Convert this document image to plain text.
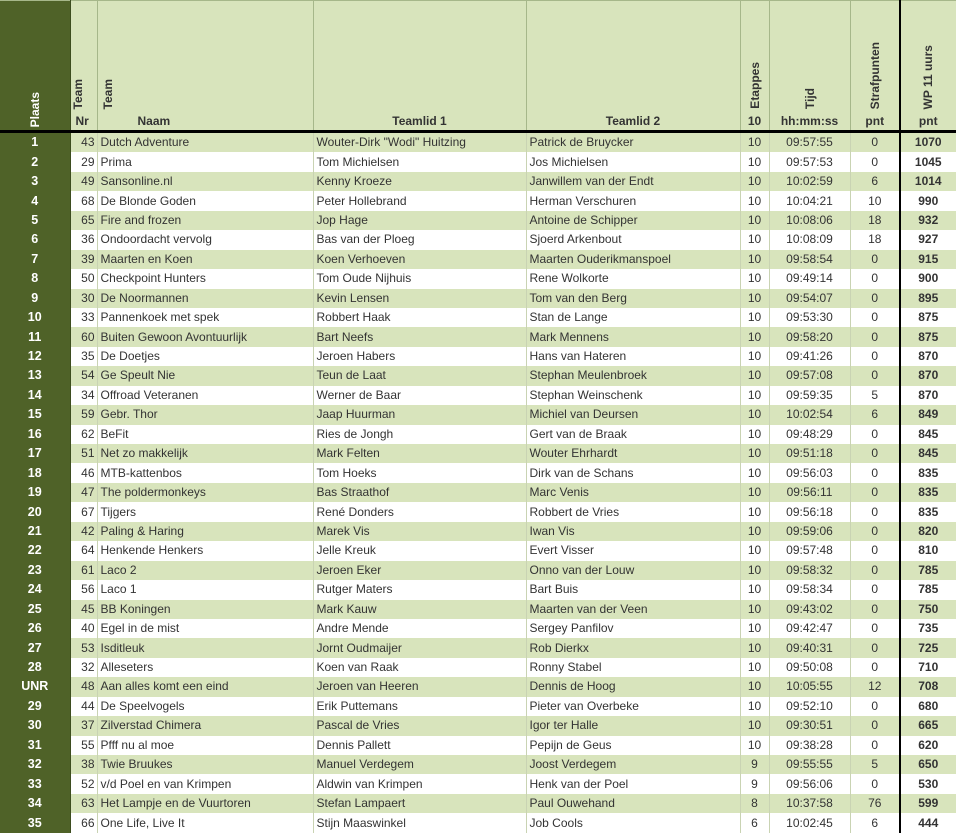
Plaats	Team	Team			Etappes	Tijd	Strafpunten	WP 11 uurs
	Nr	Naam	Teamlid 1	Teamlid 2	10	hh:mm:ss	pnt	pnt
1	43	Dutch Adventure	Wouter-Dirk "Wodi" Huitzing	Patrick de Bruycker	10	09:57:55	0	1070
2	29	Prima	Tom Michielsen	Jos Michielsen	10	09:57:53	0	1045
3	49	Sansonline.nl	Kenny Kroeze	Janwillem van der Endt	10	10:02:59	6	1014
4	68	De Blonde Goden	Peter Hollebrand	Herman Verschuren	10	10:04:21	10	990
5	65	Fire and frozen	Jop Hage	Antoine de Schipper	10	10:08:06	18	932
6	36	Ondoordacht vervolg	Bas van der Ploeg	Sjoerd Arkenbout	10	10:08:09	18	927
7	39	Maarten en Koen	Koen Verhoeven	Maarten Ouderikmanspoel	10	09:58:54	0	915
8	50	Checkpoint Hunters	Tom Oude Nijhuis	Rene Wolkorte	10	09:49:14	0	900
9	30	De Noormannen	Kevin Lensen	Tom van den Berg	10	09:54:07	0	895
10	33	Pannenkoek met spek	Robbert Haak	Stan de Lange	10	09:53:30	0	875
11	60	Buiten Gewoon Avontuurlijk	Bart Neefs	Mark Mennens	10	09:58:20	0	875
12	35	De Doetjes	Jeroen Habers	Hans van Hateren	10	09:41:26	0	870
13	54	Ge Speult Nie	Teun de Laat	Stephan Meulenbroek	10	09:57:08	0	870
14	34	Offroad Veteranen	Werner de Baar	Stephan Weinschenk	10	09:59:35	5	870
15	59	Gebr. Thor	Jaap Huurman	Michiel van Deursen	10	10:02:54	6	849
16	62	BeFit	Ries de Jongh	Gert van de Braak	10	09:48:29	0	845
17	51	Net zo makkelijk	Mark Felten	Wouter Ehrhardt	10	09:51:18	0	845
18	46	MTB-kattenbos	Tom Hoeks	Dirk van de Schans	10	09:56:03	0	835
19	47	The poldermonkeys	Bas Straathof	Marc Venis	10	09:56:11	0	835
20	67	Tijgers	René Donders	Robbert de Vries	10	09:56:18	0	835
21	42	Paling & Haring	Marek Vis	Iwan Vis	10	09:59:06	0	820
22	64	Henkende Henkers	Jelle Kreuk	Evert Visser	10	09:57:48	0	810
23	61	Laco 2	Jeroen Eker	Onno van der Louw	10	09:58:32	0	785
24	56	Laco 1	Rutger Maters	Bart Buis	10	09:58:34	0	785
25	45	BB Koningen	Mark Kauw	Maarten van der Veen	10	09:43:02	0	750
26	40	Egel in de mist	Andre Mende	Sergey Panfilov	10	09:42:47	0	735
27	53	Isditleuk	Jornt Oudmaijer	Rob Dierkx	10	09:40:31	0	725
28	32	Alleseters	Koen van Raak	Ronny Stabel	10	09:50:08	0	710
UNR	48	Aan alles komt een eind	Jeroen van Heeren	Dennis de Hoog	10	10:05:55	12	708
29	44	De Speelvogels	Erik Puttemans	Pieter van Overbeke	10	09:52:10	0	680
30	37	Zilverstad Chimera	Pascal de Vries	Igor ter Halle	10	09:30:51	0	665
31	55	Pfff nu al moe	Dennis Pallett	Pepijn de Geus	10	09:38:28	0	620
32	38	Twie Bruukes	Manuel Verdegem	Joost Verdegem	9	09:55:55	5	650
33	52	v/d Poel en van Krimpen	Aldwin van Krimpen	Henk van der Poel	9	09:56:06	0	530
34	63	Het Lampje en de Vuurtoren	Stefan Lampaert	Paul Ouwehand	8	10:37:58	76	599
35	66	One Life, Live It	Stijn Maaswinkel	Job Cools	6	10:02:45	6	444
